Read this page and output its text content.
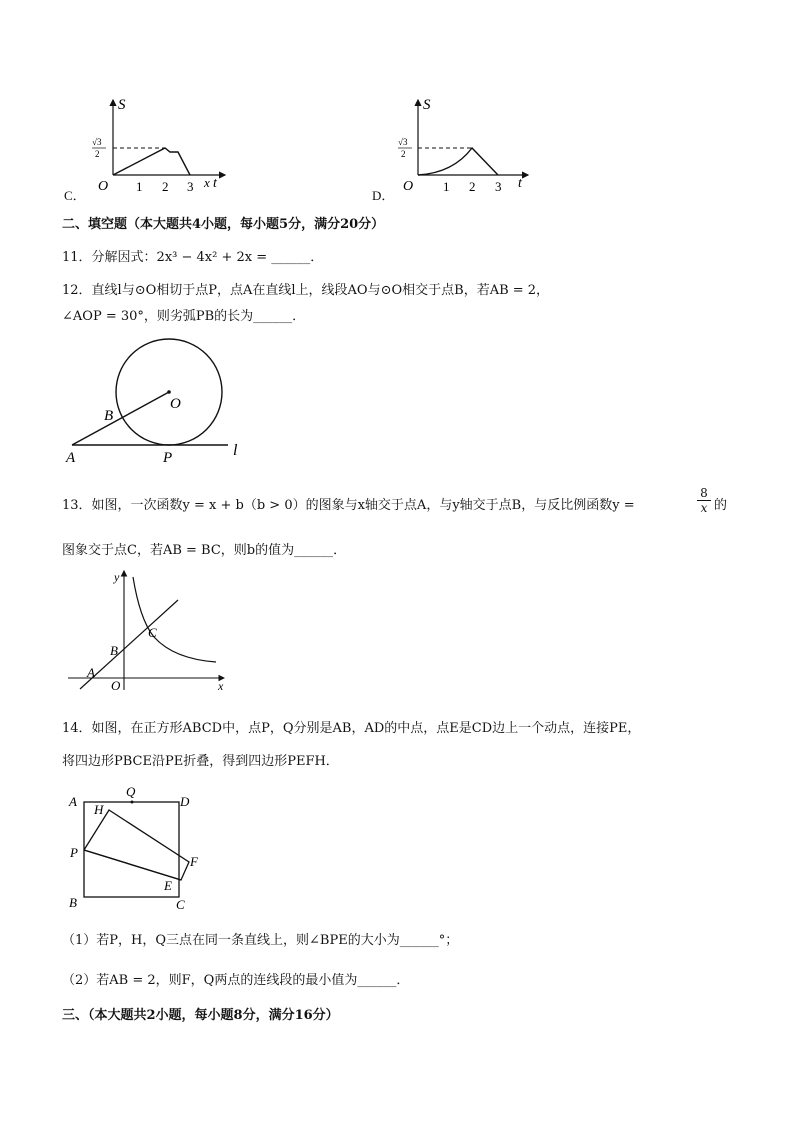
C．
S
O	x t
1 2 3
√3
2
D．
S
O	t
1 2 3
√3
2
二、填空题（本大题共4小题，每小题5分，满分20分）
11．分解因式：2x³ − 4x² + 2x = ______．
12．直线l与⊙O相切于点P，点A在直线l上，线段AO与⊙O相交于点B，若AB = 2，
∠AOP = 30°，则劣弧PB的长为______．
O
B
A	P	l
13．如图，一次函数y = x + b（b > 0）的图象与x轴交于点A，与y轴交于点B，与反比例函数y =	$\frac{8}{x}$ 的
图象交于点C，若AB = BC，则b的值为______．
y
x
O
A
B
C
14．如图，在正方形ABCD中，点P，Q分别是AB，AD的中点，点E是CD边上一个动点，连接PE，
将四边形PBCE沿PE折叠，得到四边形PEFH．
A
Q
D
H
P
F
E
B	C
（1）若P，H，Q三点在同一条直线上，则∠BPE的大小为______°；
（2）若AB = 2，则F，Q两点的连线段的最小值为______．
三、（本大题共2小题，每小题8分，满分16分）
